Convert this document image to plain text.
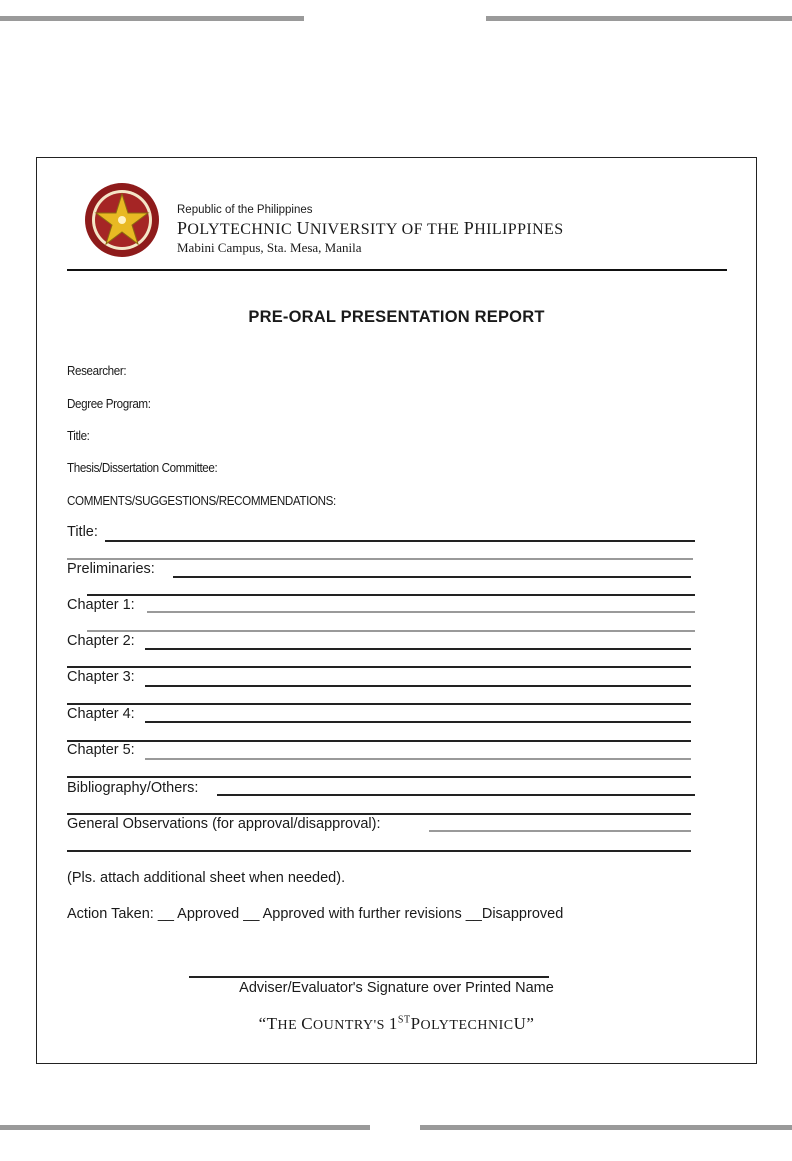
Republic of the Philippines
POLYTECHNIC UNIVERSITY OF THE PHILIPPINES
Mabini Campus, Sta. Mesa, Manila
PRE-ORAL PRESENTATION REPORT
Researcher:
Degree Program:
Title:
Thesis/Dissertation Committee:
COMMENTS/SUGGESTIONS/RECOMMENDATIONS:
Title:
Preliminaries:
Chapter 1:
Chapter 2:
Chapter 3:
Chapter 4:
Chapter 5:
Bibliography/Others:
General Observations (for approval/disapproval):
(Pls. attach additional sheet when needed).
Action Taken: __ Approved __ Approved with further revisions __Disapproved
Adviser/Evaluator's Signature over Printed Name
“THE COUNTRY'S 1STPOLYTECHNICU”
